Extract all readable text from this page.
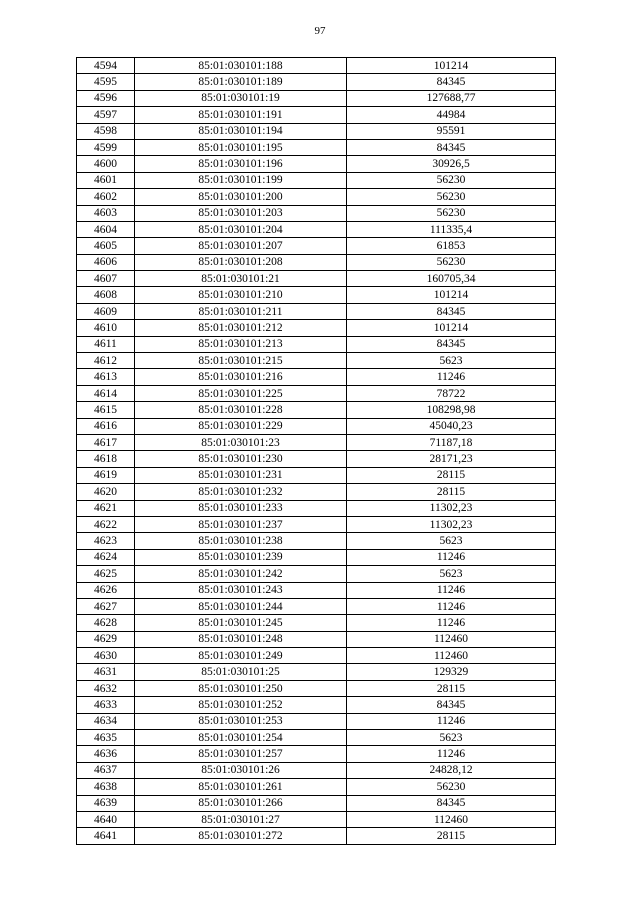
97
4594	85:01:030101:188	101214
4595	85:01:030101:189	84345
4596	85:01:030101:19	127688,77
4597	85:01:030101:191	44984
4598	85:01:030101:194	95591
4599	85:01:030101:195	84345
4600	85:01:030101:196	30926,5
4601	85:01:030101:199	56230
4602	85:01:030101:200	56230
4603	85:01:030101:203	56230
4604	85:01:030101:204	111335,4
4605	85:01:030101:207	61853
4606	85:01:030101:208	56230
4607	85:01:030101:21	160705,34
4608	85:01:030101:210	101214
4609	85:01:030101:211	84345
4610	85:01:030101:212	101214
4611	85:01:030101:213	84345
4612	85:01:030101:215	5623
4613	85:01:030101:216	11246
4614	85:01:030101:225	78722
4615	85:01:030101:228	108298,98
4616	85:01:030101:229	45040,23
4617	85:01:030101:23	71187,18
4618	85:01:030101:230	28171,23
4619	85:01:030101:231	28115
4620	85:01:030101:232	28115
4621	85:01:030101:233	11302,23
4622	85:01:030101:237	11302,23
4623	85:01:030101:238	5623
4624	85:01:030101:239	11246
4625	85:01:030101:242	5623
4626	85:01:030101:243	11246
4627	85:01:030101:244	11246
4628	85:01:030101:245	11246
4629	85:01:030101:248	112460
4630	85:01:030101:249	112460
4631	85:01:030101:25	129329
4632	85:01:030101:250	28115
4633	85:01:030101:252	84345
4634	85:01:030101:253	11246
4635	85:01:030101:254	5623
4636	85:01:030101:257	11246
4637	85:01:030101:26	24828,12
4638	85:01:030101:261	56230
4639	85:01:030101:266	84345
4640	85:01:030101:27	112460
4641	85:01:030101:272	28115
